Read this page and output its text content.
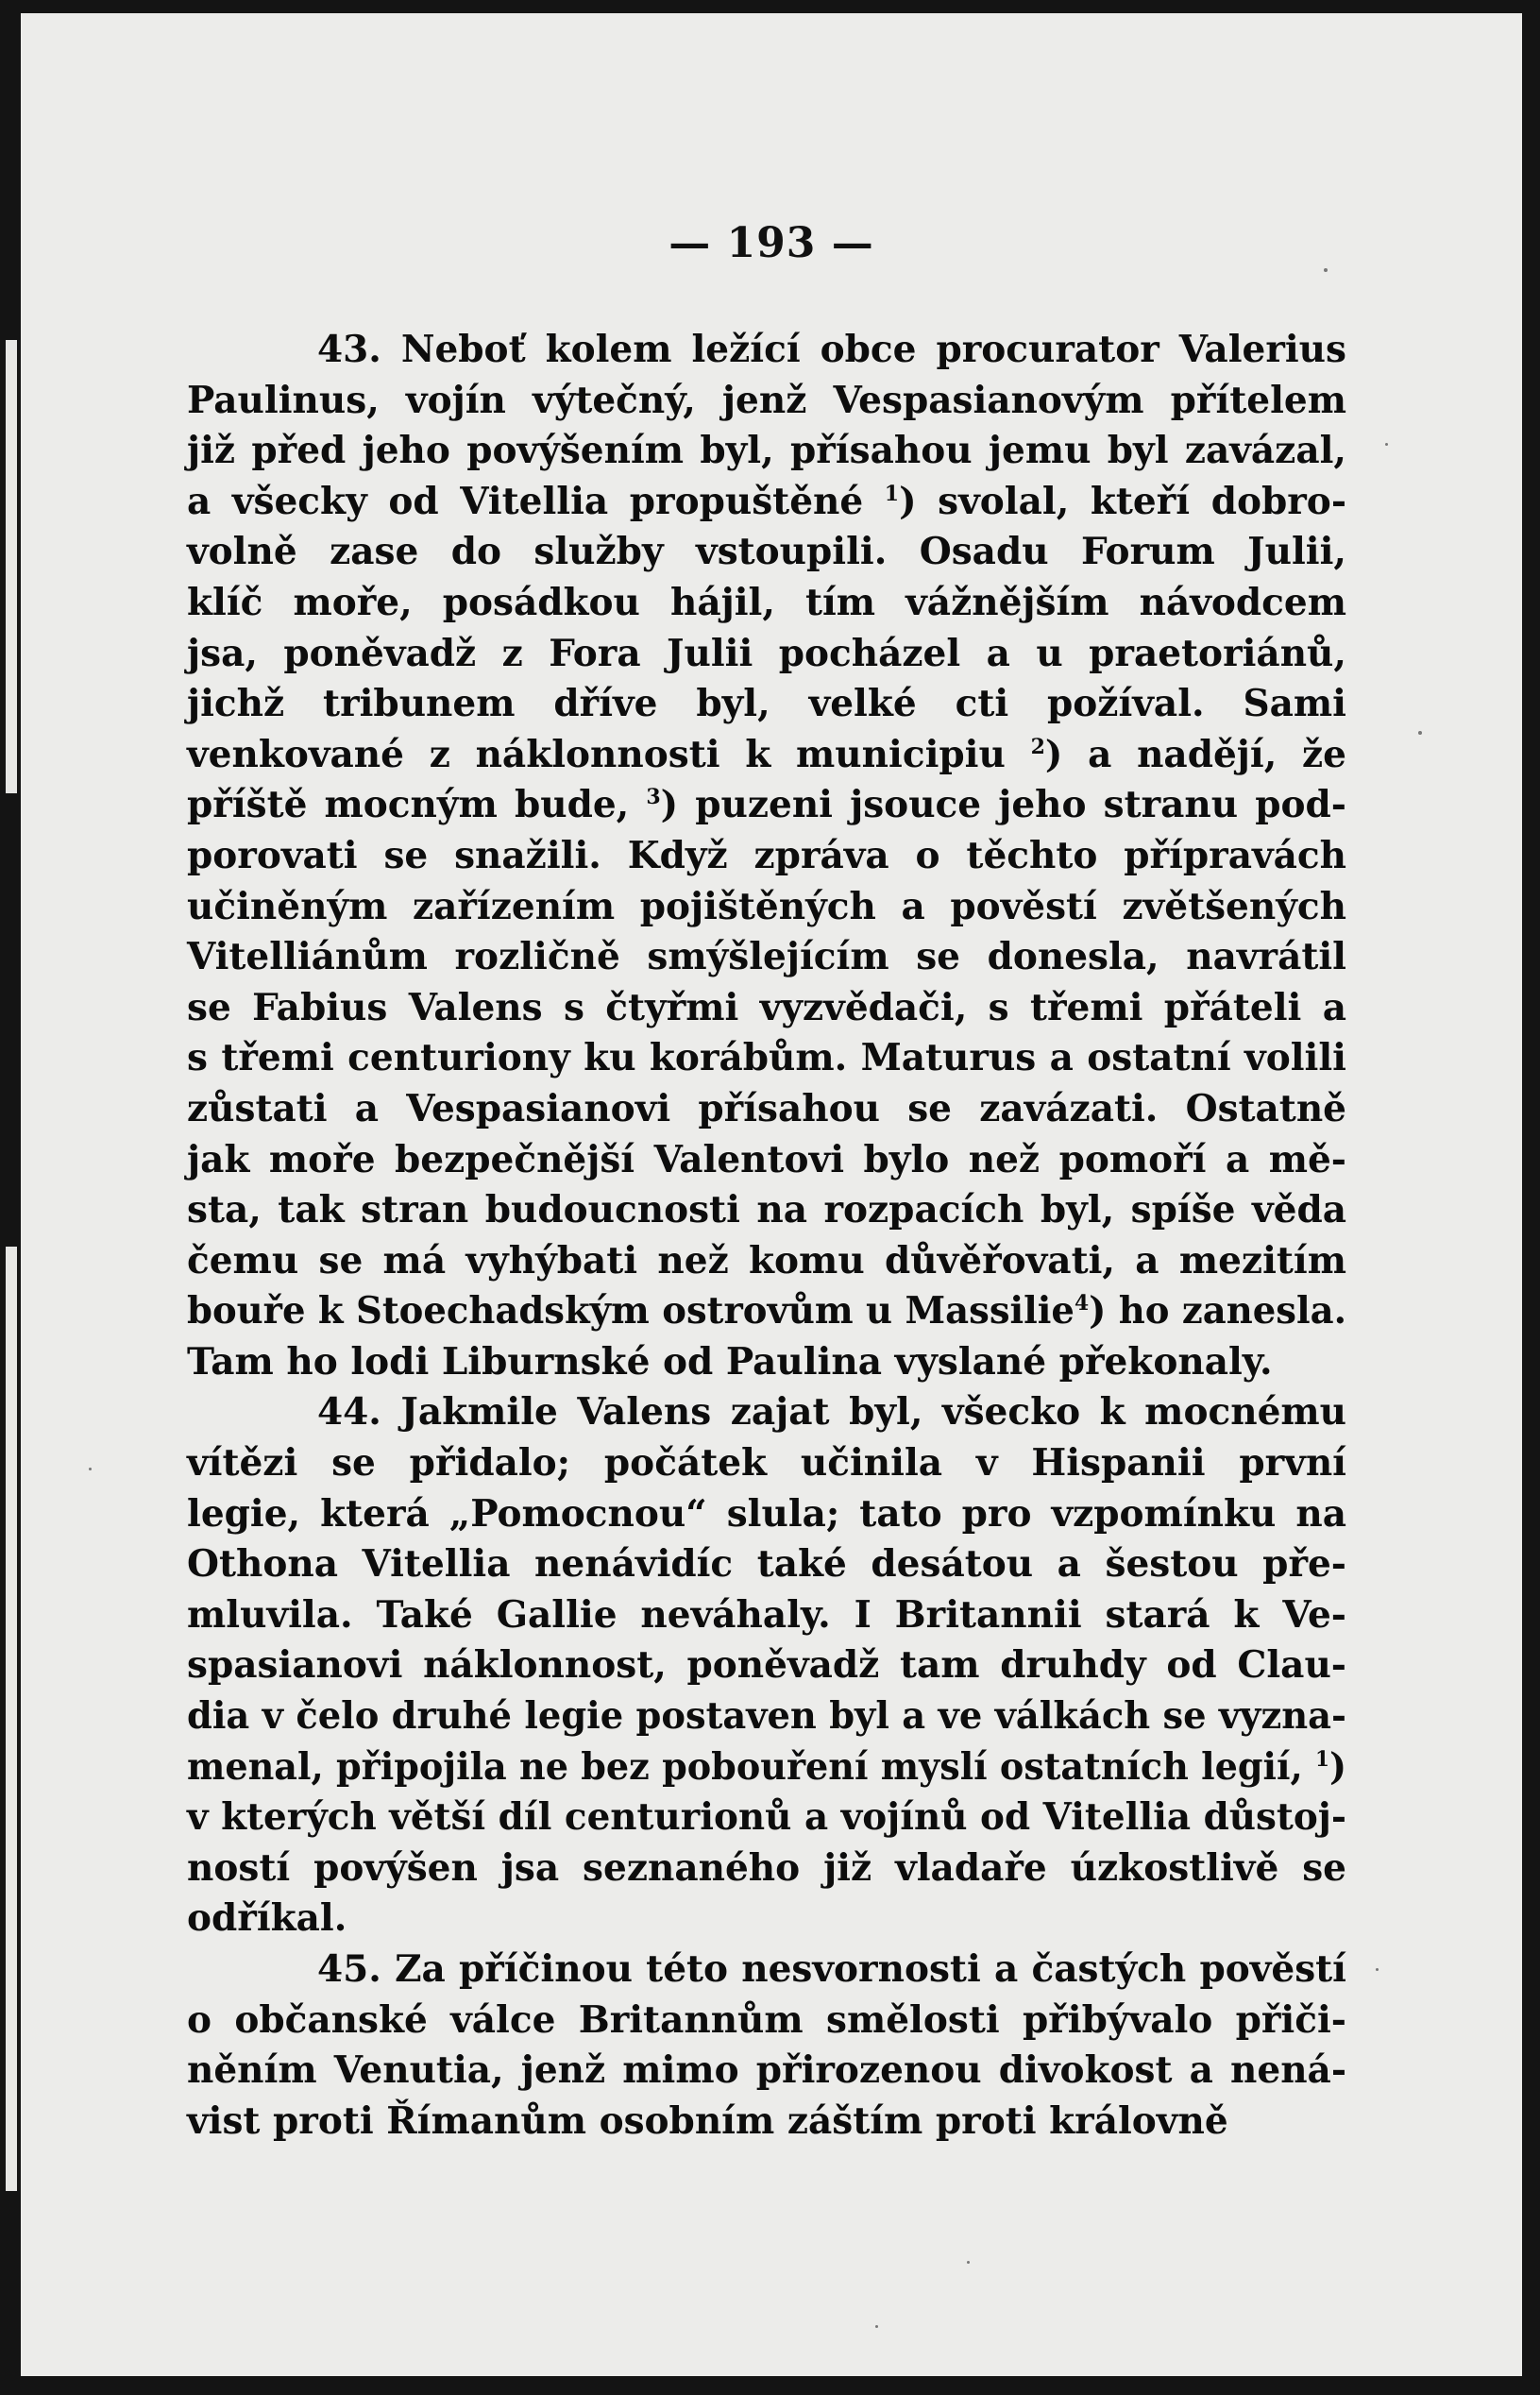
— 193 —
43. Neboť kolem ležící obce procurator Valerius
Paulinus, vojín výtečný, jenž Vespasianovým přítelem
již před jeho povýšením byl, přísahou jemu byl zavázal,
a všecky od Vitellia propuštěné $^1$) svolal, kteří dobro-
volně zase do služby vstoupili. Osadu Forum Julii,
klíč moře, posádkou hájil, tím vážnějším návodcem
jsa, poněvadž z Fora Julii pocházel a u praetoriánů,
jichž tribunem dříve byl, velké cti požíval. Sami
venkované z náklonnosti k municipiu $^2$) a nadějí, že
příště mocným bude, $^3$) puzeni jsouce jeho stranu pod-
porovati se snažili. Když zpráva o těchto přípravách
učiněným zařízením pojištěných a pověstí zvětšených
Vitelliánům rozličně smýšlejícím se donesla, navrátil
se Fabius Valens s čtyřmi vyzvědači, s třemi přáteli a
s třemi centuriony ku korábům. Maturus a ostatní volili
zůstati a Vespasianovi přísahou se zavázati. Ostatně
jak moře bezpečnější Valentovi bylo než pomoří a mě-
sta, tak stran budoucnosti na rozpacích byl, spíše věda
čemu se má vyhýbati než komu důvěřovati, a mezitím
bouře k Stoechadským ostrovům u Massilie$^4$) ho zanesla.
Tam ho lodi Liburnské od Paulina vyslané překonaly.
44. Jakmile Valens zajat byl, všecko k mocnému
vítězi se přidalo; počátek učinila v Hispanii první
legie, která „Pomocnou“ slula; tato pro vzpomínku na
Othona Vitellia nenávidíc také desátou a šestou pře-
mluvila. Také Gallie neváhaly. I Britannii stará k Ve-
spasianovi náklonnost, poněvadž tam druhdy od Clau-
dia v čelo druhé legie postaven byl a ve válkách se vyzna-
menal, připojila ne bez pobouření myslí ostatních legií, $^1$)
v kterých větší díl centurionů a vojínů od Vitellia důstoj-
ností povýšen jsa seznaného již vladaře úzkostlivě se
odříkal.
45. Za příčinou této nesvornosti a častých pověstí
o občanské válce Britannům smělosti přibývalo přiči-
něním Venutia, jenž mimo přirozenou divokost a nená-
vist proti Římanům osobním záštím proti královně
